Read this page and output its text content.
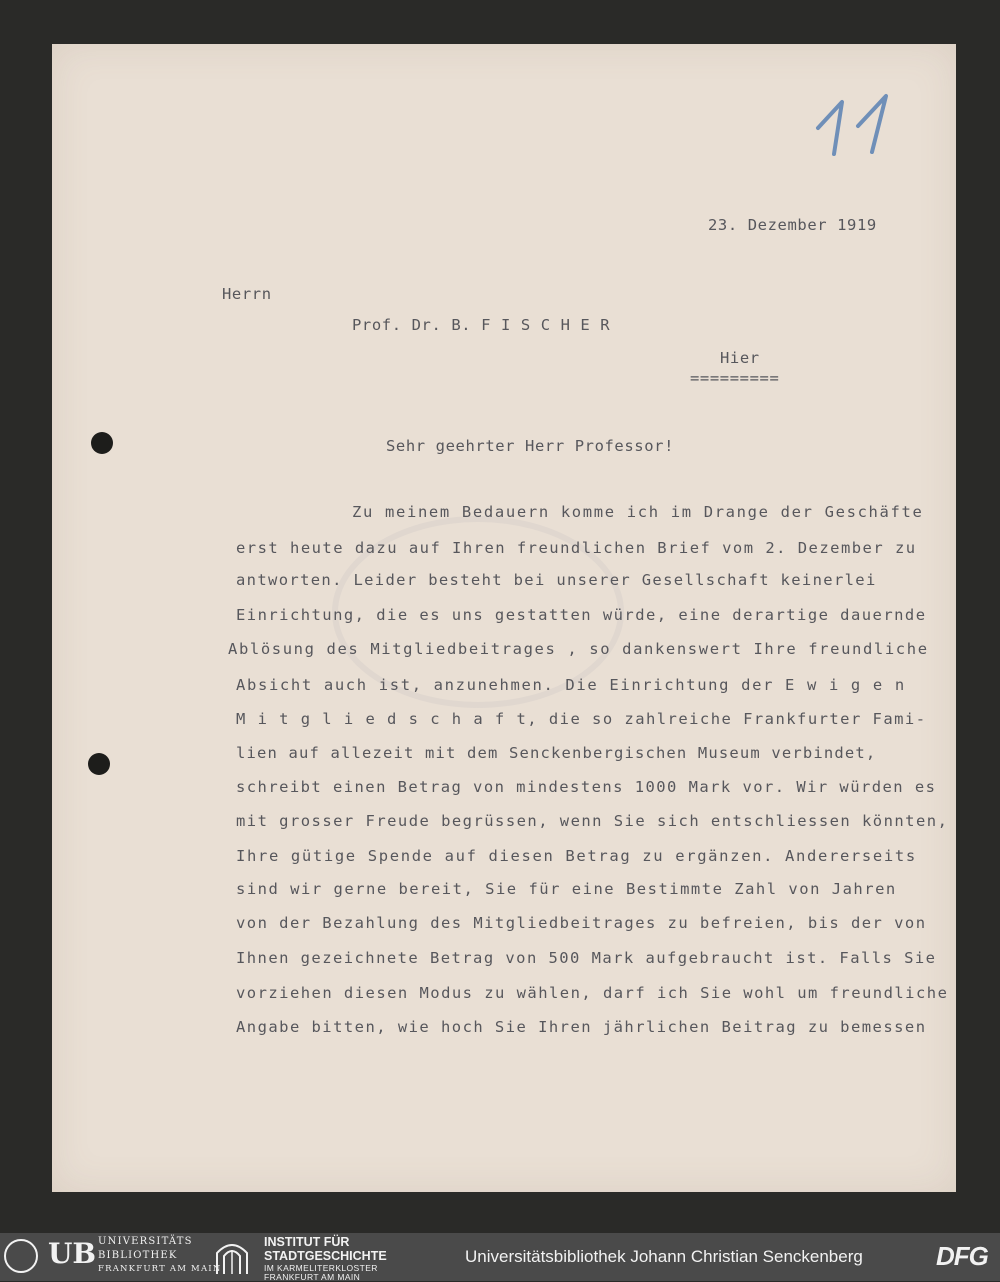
23. Dezember 1919
Herrn
Prof. Dr. B. F I S C H E R
Hier
=========
Sehr geehrter Herr Professor!
Zu meinem Bedauern komme ich im Drange der Geschäfte
erst heute dazu auf Ihren freundlichen Brief vom 2. Dezember zu
antworten. Leider besteht bei unserer Gesellschaft keinerlei
Einrichtung, die es uns gestatten würde, eine derartige dauernde
Ablösung des Mitgliedbeitrages , so dankenswert Ihre freundliche
Absicht auch ist, anzunehmen. Die Einrichtung der E w i g e n
M i t g l i e d s c h a f t, die so zahlreiche Frankfurter Fami-
lien auf allezeit mit dem Senckenbergischen Museum verbindet,
schreibt einen Betrag von mindestens 1000 Mark vor. Wir würden es
mit grosser Freude begrüssen, wenn Sie sich entschliessen könnten,
Ihre gütige Spende auf diesen Betrag zu ergänzen. Andererseits
sind wir gerne bereit, Sie für eine Bestimmte Zahl von Jahren
von der Bezahlung des Mitgliedbeitrages zu befreien, bis der von
Ihnen gezeichnete Betrag von 500 Mark aufgebraucht ist. Falls Sie
vorziehen diesen Modus zu wählen, darf ich Sie wohl um freundliche
Angabe bitten, wie hoch Sie Ihren jährlichen Beitrag zu bemessen
UB UNIVERSITÄTS
BIBLIOTHEK
FRANKFURT AM MAIN
INSTITUT FÜR
STADTGESCHICHTE
IM KARMELITERKLOSTER
FRANKFURT AM MAIN
Universitätsbibliothek Johann Christian Senckenberg	DFG
